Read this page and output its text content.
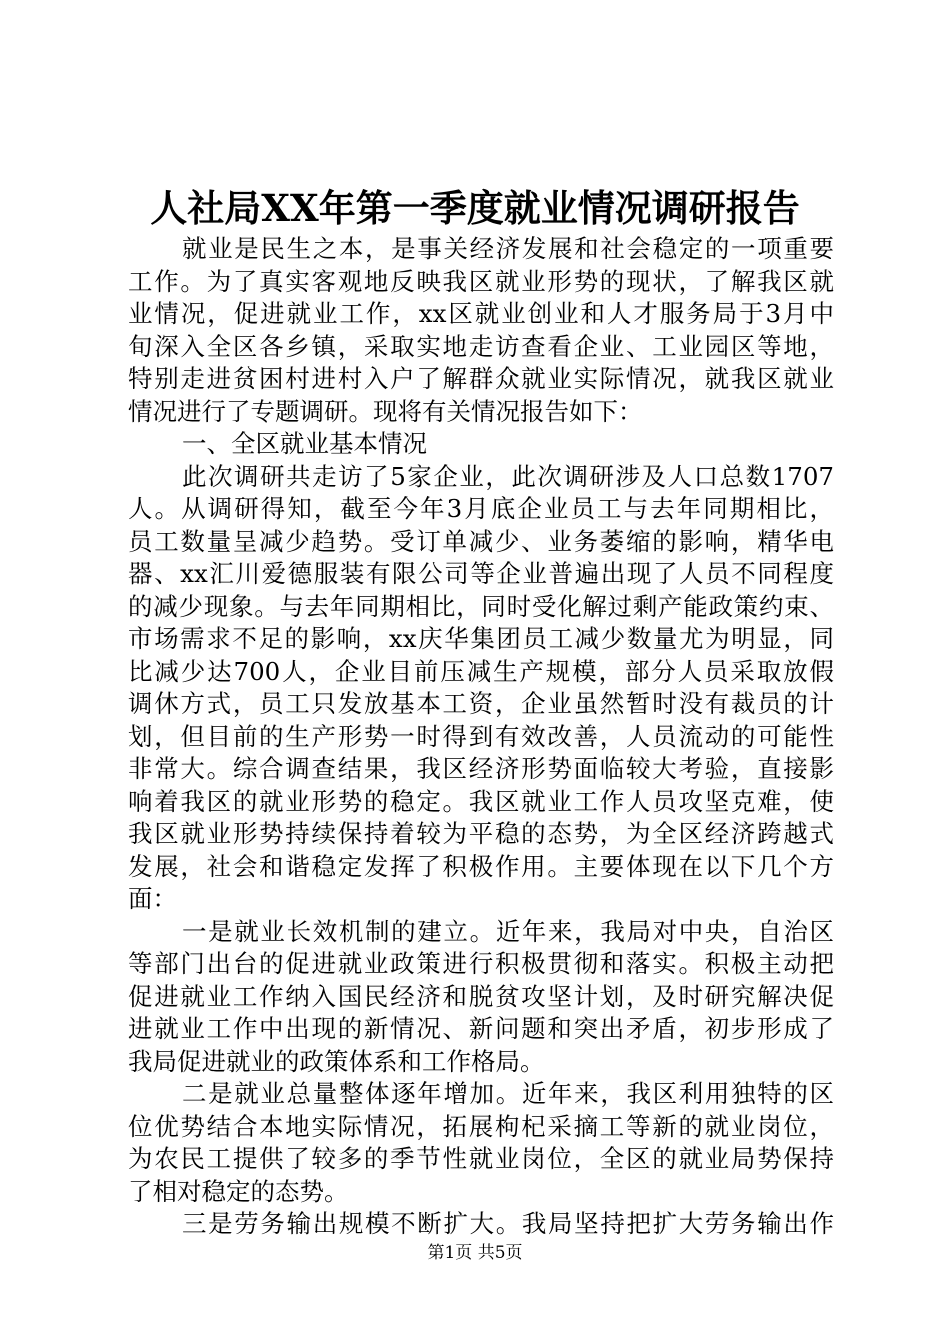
人社局XX年第一季度就业情况调研报告
就业是民生之本，是事关经济发展和社会稳定的一项重要
工作。为了真实客观地反映我区就业形势的现状，了解我区就
业情况，促进就业工作，xx区就业创业和人才服务局于3月中
旬深入全区各乡镇，采取实地走访查看企业、工业园区等地，
特别走进贫困村进村入户了解群众就业实际情况，就我区就业
情况进行了专题调研。现将有关情况报告如下：
一、全区就业基本情况
此次调研共走访了5家企业，此次调研涉及人口总数1707
人。从调研得知，截至今年3月底企业员工与去年同期相比，
员工数量呈减少趋势。受订单减少、业务萎缩的影响，精华电
器、xx汇川爱德服装有限公司等企业普遍出现了人员不同程度
的减少现象。与去年同期相比，同时受化解过剩产能政策约束、
市场需求不足的影响，xx庆华集团员工减少数量尤为明显，同
比减少达700人，企业目前压减生产规模，部分人员采取放假
调休方式，员工只发放基本工资，企业虽然暂时没有裁员的计
划，但目前的生产形势一时得到有效改善，人员流动的可能性
非常大。综合调查结果，我区经济形势面临较大考验，直接影
响着我区的就业形势的稳定。我区就业工作人员攻坚克难，使
我区就业形势持续保持着较为平稳的态势，为全区经济跨越式
发展，社会和谐稳定发挥了积极作用。主要体现在以下几个方
面：
一是就业长效机制的建立。近年来，我局对中央，自治区
等部门出台的促进就业政策进行积极贯彻和落实。积极主动把
促进就业工作纳入国民经济和脱贫攻坚计划，及时研究解决促
进就业工作中出现的新情况、新问题和突出矛盾，初步形成了
我局促进就业的政策体系和工作格局。
二是就业总量整体逐年增加。近年来，我区利用独特的区
位优势结合本地实际情况，拓展枸杞采摘工等新的就业岗位，
为农民工提供了较多的季节性就业岗位，全区的就业局势保持
了相对稳定的态势。
三是劳务输出规模不断扩大。我局坚持把扩大劳务输出作
第1页 共5页
